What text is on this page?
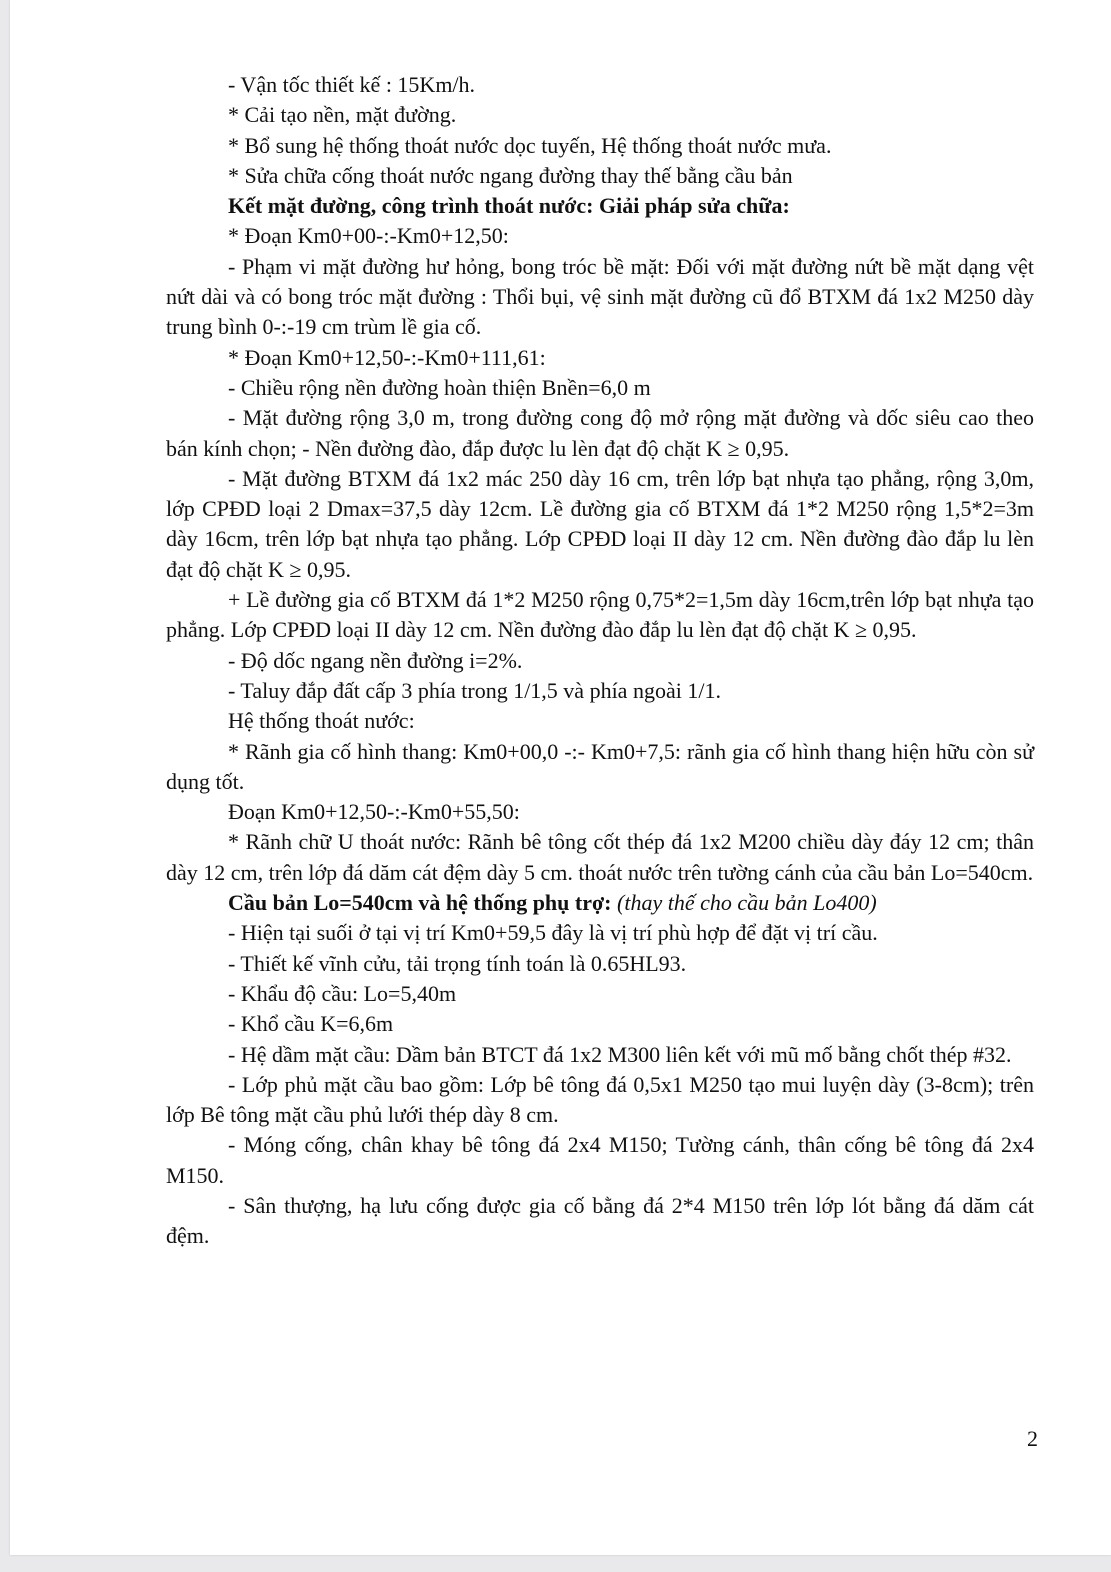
- Vận tốc thiết kế : 15Km/h.

* Cải tạo nền, mặt đường.

* Bổ sung hệ thống thoát nước dọc tuyến, Hệ thống thoát nước mưa.

* Sửa chữa cống thoát nước ngang đường thay thế bằng cầu bản

Kết mặt đường, công trình thoát nước: Giải pháp sửa chữa:

* Đoạn Km0+00-:-Km0+12,50:

- Phạm vi mặt đường hư hỏng, bong tróc bề mặt: Đối với mặt đường nứt bề mặt dạng vệt nứt dài và có bong tróc mặt đường : Thổi bụi, vệ sinh mặt đường cũ đổ BTXM đá 1x2 M250 dày trung bình 0-:-19 cm trùm lề gia cố.

* Đoạn Km0+12,50-:-Km0+111,61:

- Chiều rộng nền đường hoàn thiện Bnền=6,0 m

- Mặt đường rộng 3,0 m, trong đường cong độ mở rộng mặt đường và dốc siêu cao theo bán kính chọn; - Nền đường đào, đắp được lu lèn đạt độ chặt K ≥ 0,95.

- Mặt đường BTXM đá 1x2 mác 250 dày 16 cm, trên lớp bạt nhựa tạo phẳng, rộng 3,0m, lớp CPĐD loại 2 Dmax=37,5 dày 12cm. Lề đường gia cố BTXM đá 1*2 M250 rộng 1,5*2=3m dày 16cm, trên lớp bạt nhựa tạo phẳng. Lớp CPĐD loại II dày 12 cm. Nền đường đào đắp lu lèn đạt độ chặt K ≥ 0,95.

+ Lề đường gia cố BTXM đá 1*2 M250 rộng 0,75*2=1,5m dày 16cm,trên lớp bạt nhựa tạo phẳng. Lớp CPĐD loại II dày 12 cm. Nền đường đào đắp lu lèn đạt độ chặt K ≥ 0,95.

- Độ dốc ngang nền đường i=2%.

- Taluy đắp đất cấp 3 phía trong 1/1,5 và phía ngoài 1/1.

Hệ thống thoát nước:

* Rãnh gia cố hình thang: Km0+00,0 -:- Km0+7,5: rãnh gia cố hình thang hiện hữu còn sử dụng tốt.

Đoạn Km0+12,50-:-Km0+55,50:

* Rãnh chữ U thoát nước: Rãnh bê tông cốt thép đá 1x2 M200 chiều dày đáy 12 cm; thân dày 12 cm, trên lớp đá dăm cát đệm dày 5 cm. thoát nước trên tường cánh của cầu bản Lo=540cm.

Cầu bản Lo=540cm và hệ thống phụ trợ: (thay thế cho cầu bản Lo400)

- Hiện tại suối ở tại vị trí Km0+59,5 đây là vị trí phù hợp để đặt vị trí cầu.

- Thiết kế vĩnh cửu, tải trọng tính toán là 0.65HL93.

- Khẩu độ cầu: Lo=5,40m

- Khổ cầu K=6,6m

- Hệ dầm mặt cầu: Dầm bản BTCT đá 1x2 M300 liên kết với mũ mố bằng chốt thép #32.

- Lớp phủ mặt cầu bao gồm: Lớp bê tông đá 0,5x1 M250 tạo mui luyện dày (3-8cm); trên lớp Bê tông mặt cầu phủ lưới thép dày 8 cm.

- Móng cống, chân khay bê tông đá 2x4 M150; Tường cánh, thân cống bê tông đá 2x4 M150.

- Sân thượng, hạ lưu cống được gia cố bằng đá 2*4 M150 trên lớp lót bằng đá dăm cát đệm.

2
